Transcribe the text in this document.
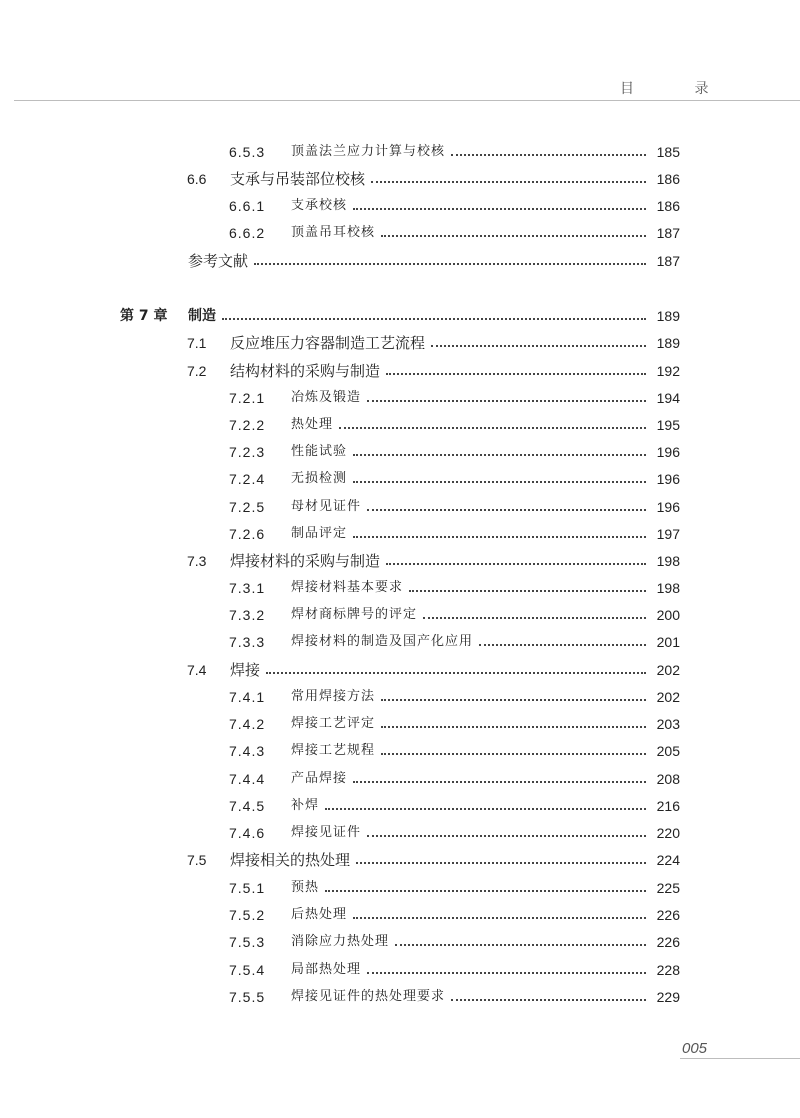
目 录
6.5.3 顶盖法兰应力计算与校核	185
6.6 支承与吊装部位校核	186
6.6.1 支承校核	186
6.6.2 顶盖吊耳校核	187
参考文献	187
第 7 章 制造	189
7.1 反应堆压力容器制造工艺流程	189
7.2 结构材料的采购与制造	192
7.2.1 冶炼及锻造	194
7.2.2 热处理	195
7.2.3 性能试验	196
7.2.4 无损检测	196
7.2.5 母材见证件	196
7.2.6 制品评定	197
7.3 焊接材料的采购与制造	198
7.3.1 焊接材料基本要求	198
7.3.2 焊材商标牌号的评定	200
7.3.3 焊接材料的制造及国产化应用	201
7.4 焊接	202
7.4.1 常用焊接方法	202
7.4.2 焊接工艺评定	203
7.4.3 焊接工艺规程	205
7.4.4 产品焊接	208
7.4.5 补焊	216
7.4.6 焊接见证件	220
7.5 焊接相关的热处理	224
7.5.1 预热	225
7.5.2 后热处理	226
7.5.3 消除应力热处理	226
7.5.4 局部热处理	228
7.5.5 焊接见证件的热处理要求	229
005
